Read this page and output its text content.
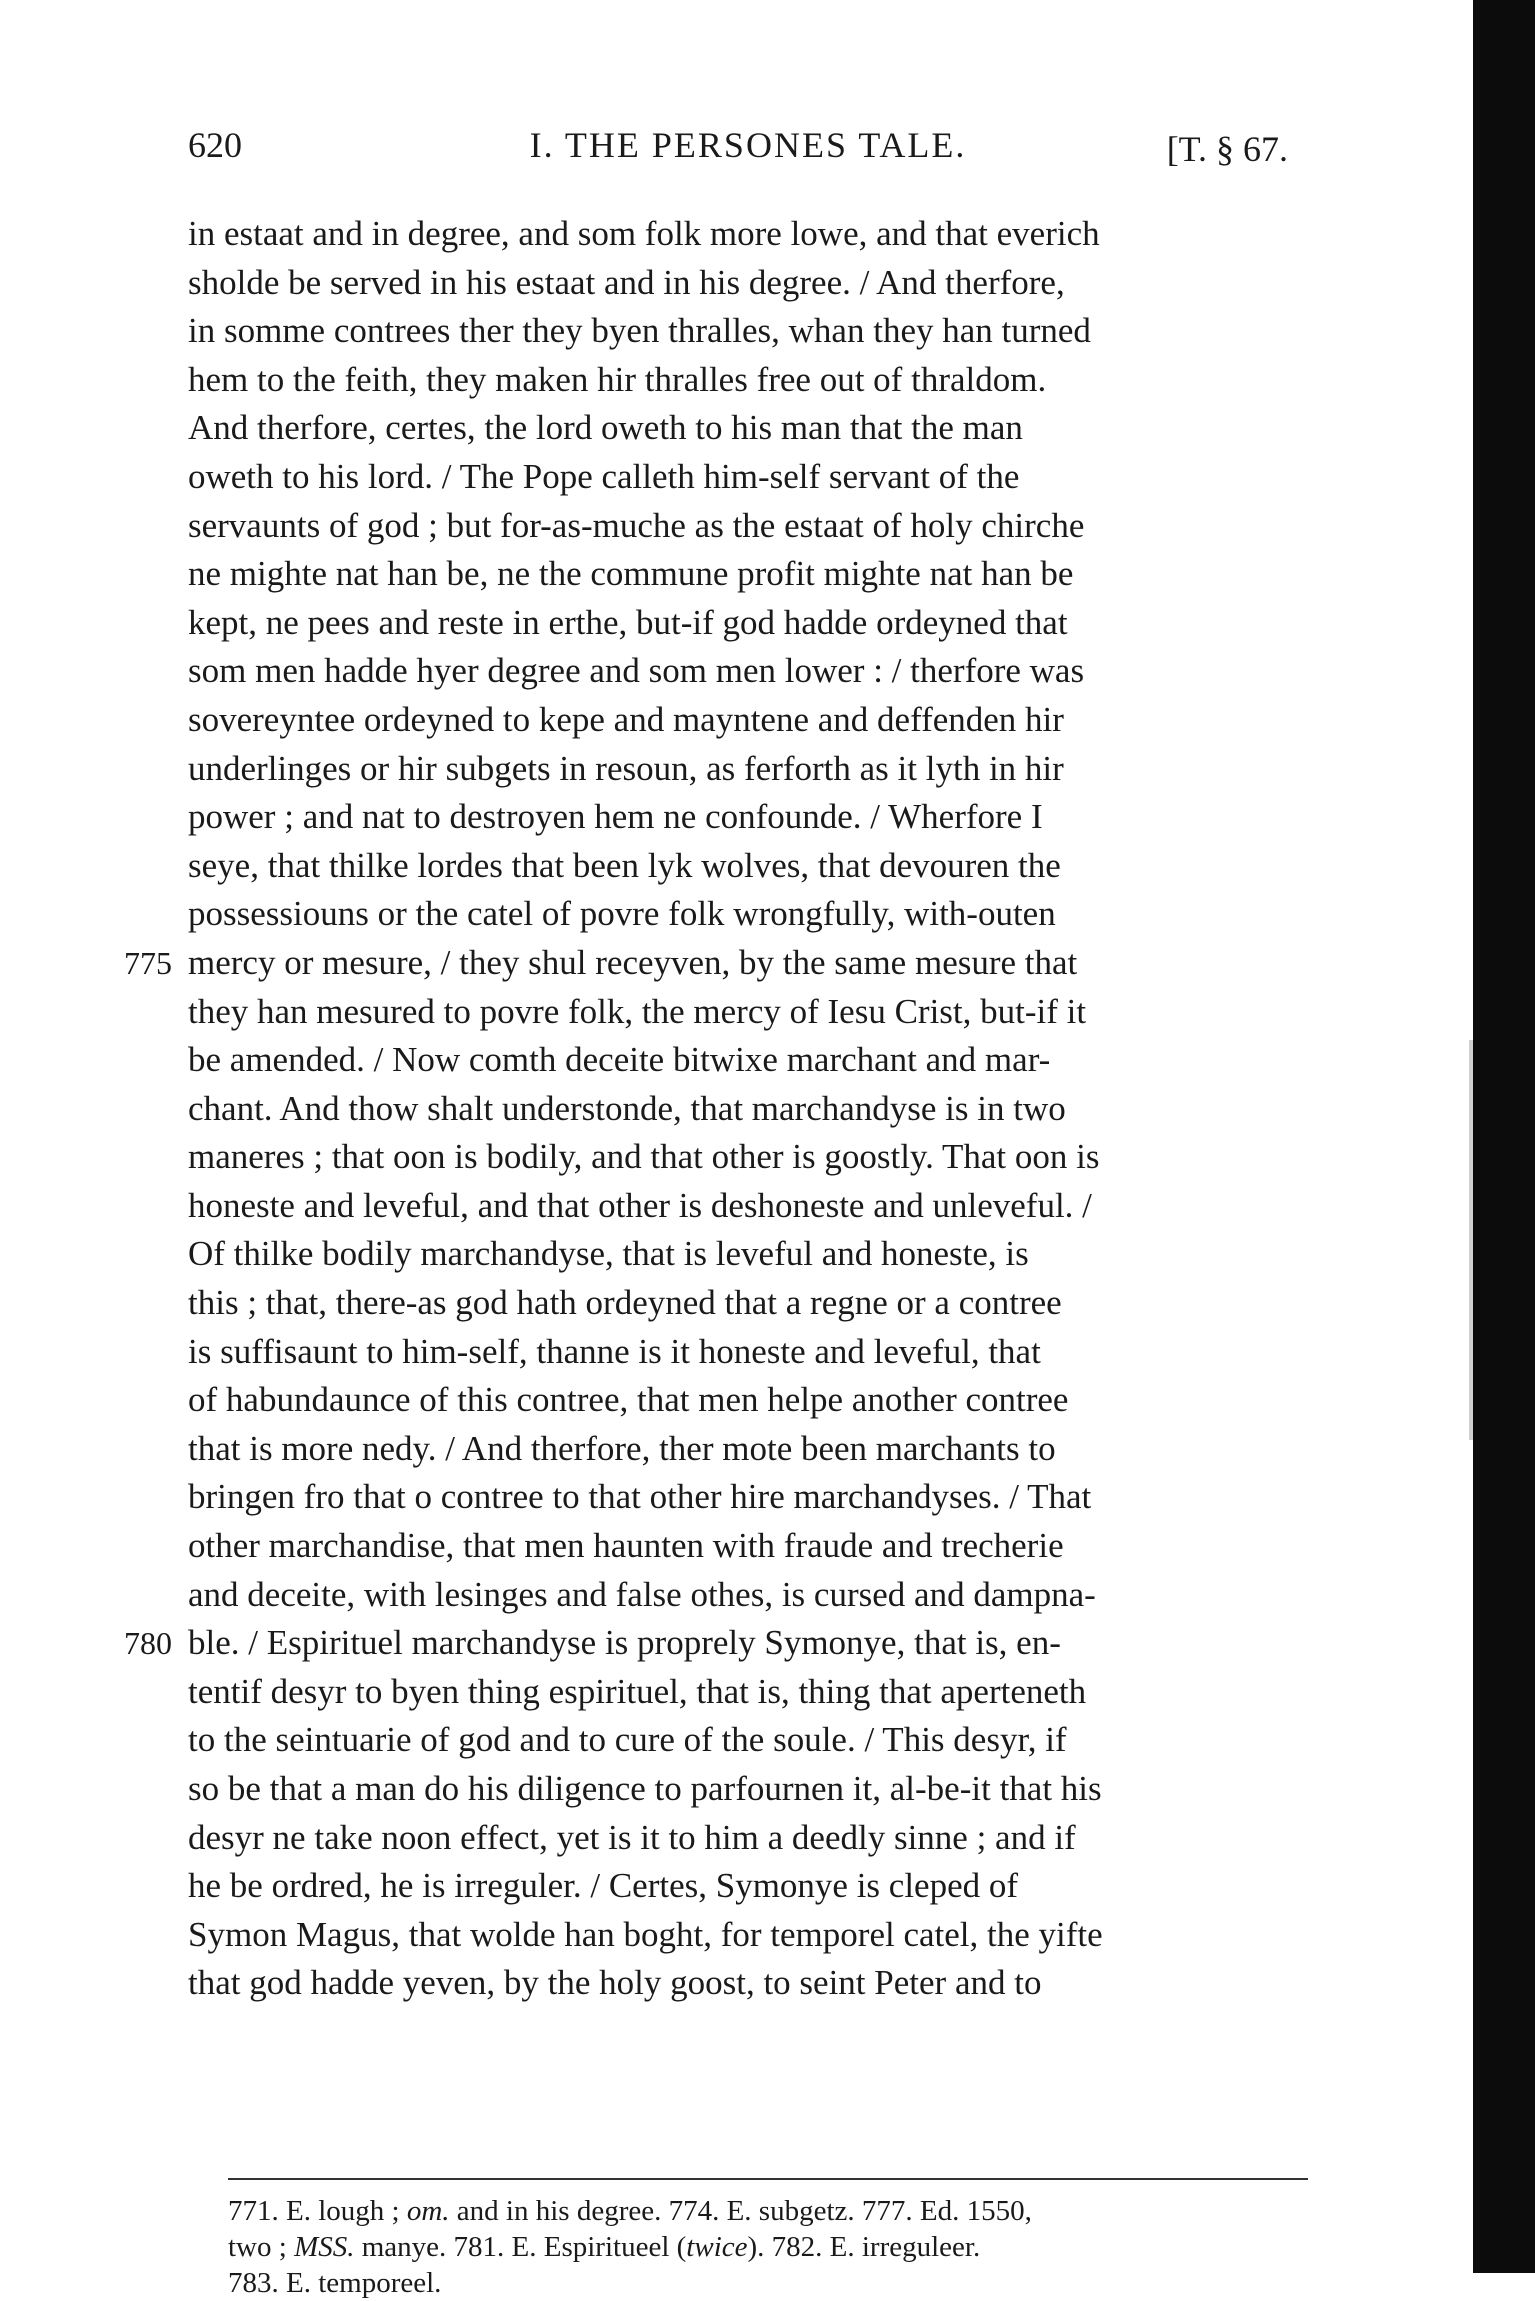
620	I. THE PERSONES TALE.	[T. § 67.
in estaat and in degree, and som folk more lowe, and that everich
sholde be served in his estaat and in his degree. / And therfore,
in somme contrees ther they byen thralles, whan they han turned
hem to the feith, they maken hir thralles free out of thraldom.
And therfore, certes, the lord oweth to his man that the man
oweth to his lord. / The Pope calleth him-self servant of the
servaunts of god ; but for-as-muche as the estaat of holy chirche
ne mighte nat han be, ne the commune profit mighte nat han be
kept, ne pees and reste in erthe, but-if god hadde ordeyned that
som men hadde hyer degree and som men lower : / therfore was
sovereyntee ordeyned to kepe and mayntene and deffenden hir
underlinges or hir subgets in resoun, as ferforth as it lyth in hir
power ; and nat to destroyen hem ne confounde. / Wherfore I
seye, that thilke lordes that been lyk wolves, that devouren the
possessiouns or the catel of povre folk wrongfully, with-outen
775 mercy or mesure, / they shul receyven, by the same mesure that
they han mesured to povre folk, the mercy of Iesu Crist, but-if it
be amended. / Now comth deceite bitwixe marchant and mar-
chant. And thow shalt understonde, that marchandyse is in two
maneres ; that oon is bodily, and that other is goostly. That oon is
honeste and leveful, and that other is deshoneste and unleveful. /
Of thilke bodily marchandyse, that is leveful and honeste, is
this ; that, there-as god hath ordeyned that a regne or a contree
is suffisaunt to him-self, thanne is it honeste and leveful, that
of habundaunce of this contree, that men helpe another contree
that is more nedy. / And therfore, ther mote been marchants to
bringen fro that o contree to that other hire marchandyses. / That
other marchandise, that men haunten with fraude and trecherie
and deceite, with lesinges and false othes, is cursed and dampna-
780 ble. / Espirituel marchandyse is proprely Symonye, that is, en-
tentif desyr to byen thing espirituel, that is, thing that aperteneth
to the seintuarie of god and to cure of the soule. / This desyr, if
so be that a man do his diligence to parfournen it, al-be-it that his
desyr ne take noon effect, yet is it to him a deedly sinne ; and if
he be ordred, he is irreguler. / Certes, Symonye is cleped of
Symon Magus, that wolde han boght, for temporel catel, the yifte
that god hadde yeven, by the holy goost, to seint Peter and to
771. E. lough ; om. and in his degree. 774. E. subgetz. 777. Ed. 1550,
two ; MSS. manye. 781. E. Espiritueel (twice). 782. E. irreguleer.
783. E. temporeel.
